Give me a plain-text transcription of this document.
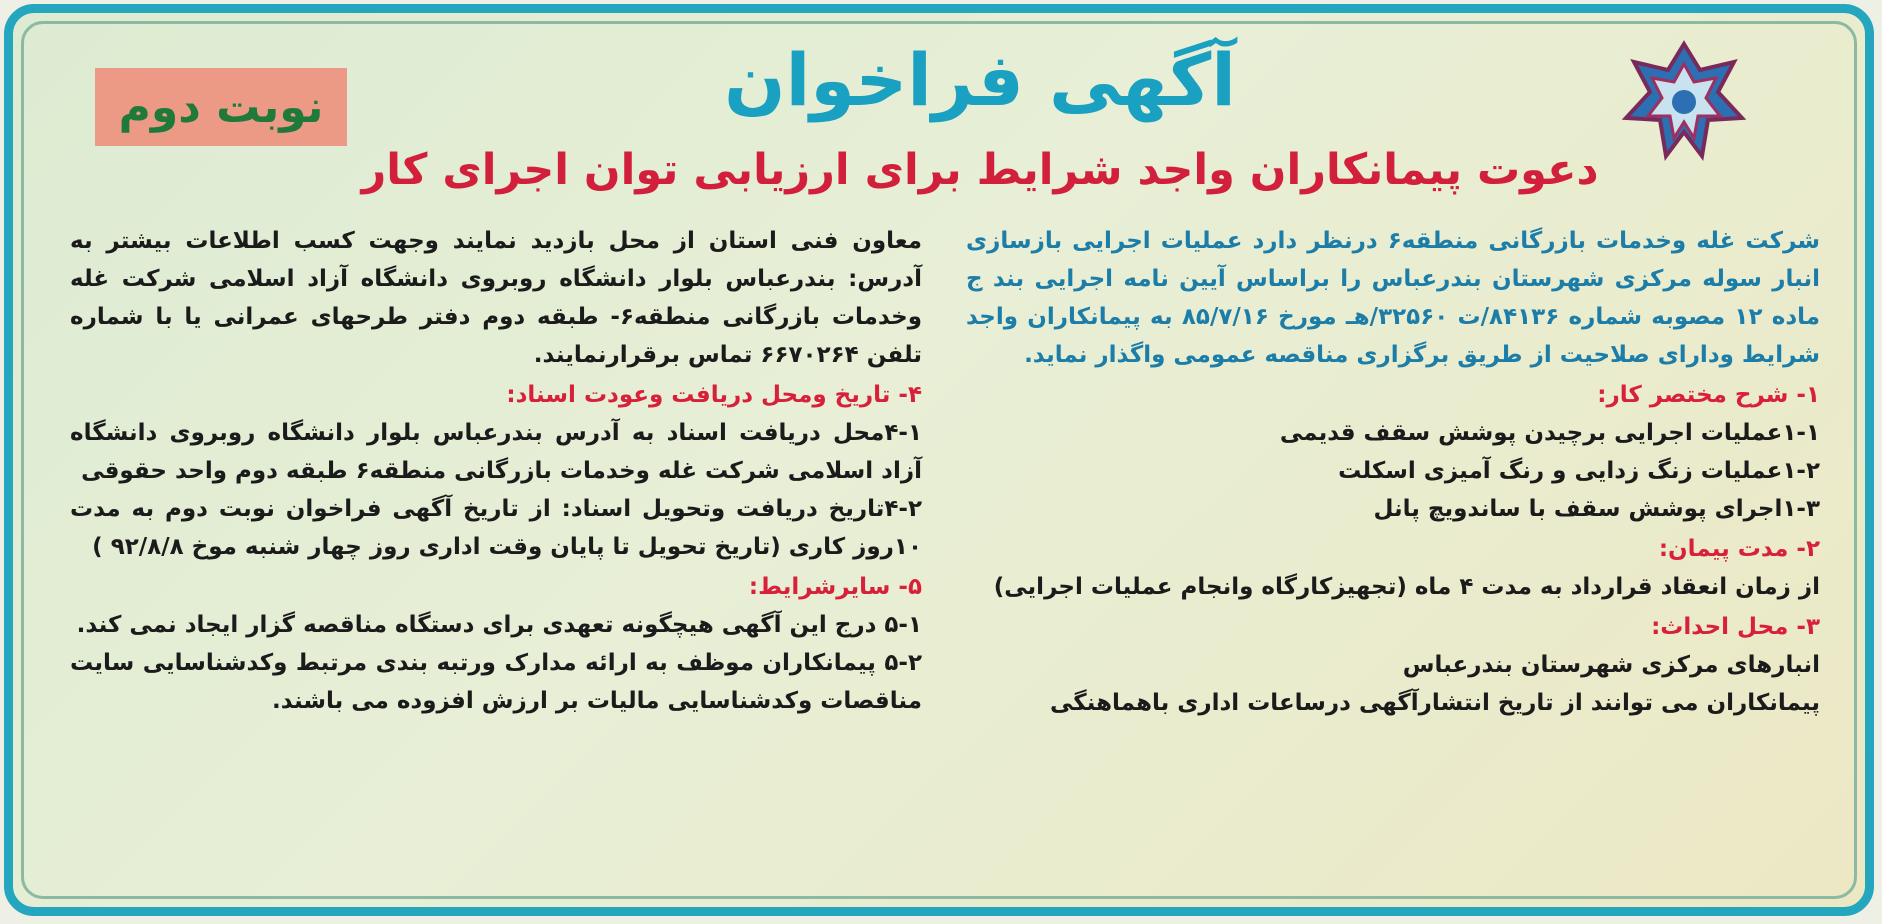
نوبت دوم	آگهی فراخوان
دعوت پیمانکاران واجد شرایط برای ارزیابی توان اجرای کار

شرکت غله وخدمات بازرگانی منطقه۶ درنظر دارد عملیات اجرایی بازسازی انبار سوله مرکزی شهرستان بندرعباس را براساس آیین نامه اجرایی بند ج ماده ۱۲ مصوبه شماره ۸۴۱۳۶/ت ۳۲۵۶۰/هـ مورخ ۸۵/۷/۱۶ به پیمانکاران واجد شرایط ودارای صلاحیت از طریق برگزاری مناقصه عمومی واگذار نماید.

۱- شرح مختصر کار:

۱-۱عملیات اجرایی برچیدن پوشش سقف قدیمی

۱-۲عملیات زنگ زدایی و رنگ آمیزی اسکلت

۱-۳اجرای پوشش سقف با ساندویچ پانل

۲- مدت پیمان:

از زمان انعقاد قرارداد به مدت ۴ ماه (تجهیزکارگاه وانجام عملیات اجرایی)

۳- محل احداث:

انبارهای مرکزی شهرستان بندرعباس

پیمانکاران می توانند از تاریخ انتشارآگهی درساعات اداری باهماهنگی

معاون فنی استان از محل بازدید نمایند وجهت کسب اطلاعات بیشتر به آدرس: بندرعباس بلوار دانشگاه روبروی دانشگاه آزاد اسلامی شرکت غله وخدمات بازرگانی منطقه۶- طبقه دوم دفتر طرحهای عمرانی یا با شماره تلفن ۶۶۷۰۲۶۴ تماس برقرارنمایند.

۴- تاریخ ومحل دریافت وعودت اسناد:

۴-۱محل دریافت اسناد به آدرس بندرعباس بلوار دانشگاه روبروی دانشگاه آزاد اسلامی شرکت غله وخدمات بازرگانی منطقه۶ طبقه دوم واحد حقوقی

۴-۲تاریخ دریافت وتحویل اسناد: از تاریخ آگهی فراخوان نوبت دوم به مدت ۱۰روز کاری (تاریخ تحویل تا پایان وقت اداری روز چهار شنبه موخ ۹۲/۸/۸ )

۵- سایرشرایط:

۵-۱ درج این آگهی هیچگونه تعهدی برای دستگاه مناقصه گزار ایجاد نمی کند.

۵-۲ پیمانکاران موظف به ارائه مدارک ورتبه بندی مرتبط وکدشناسایی سایت مناقصات وکدشناسایی مالیات بر ارزش افزوده می باشند.
